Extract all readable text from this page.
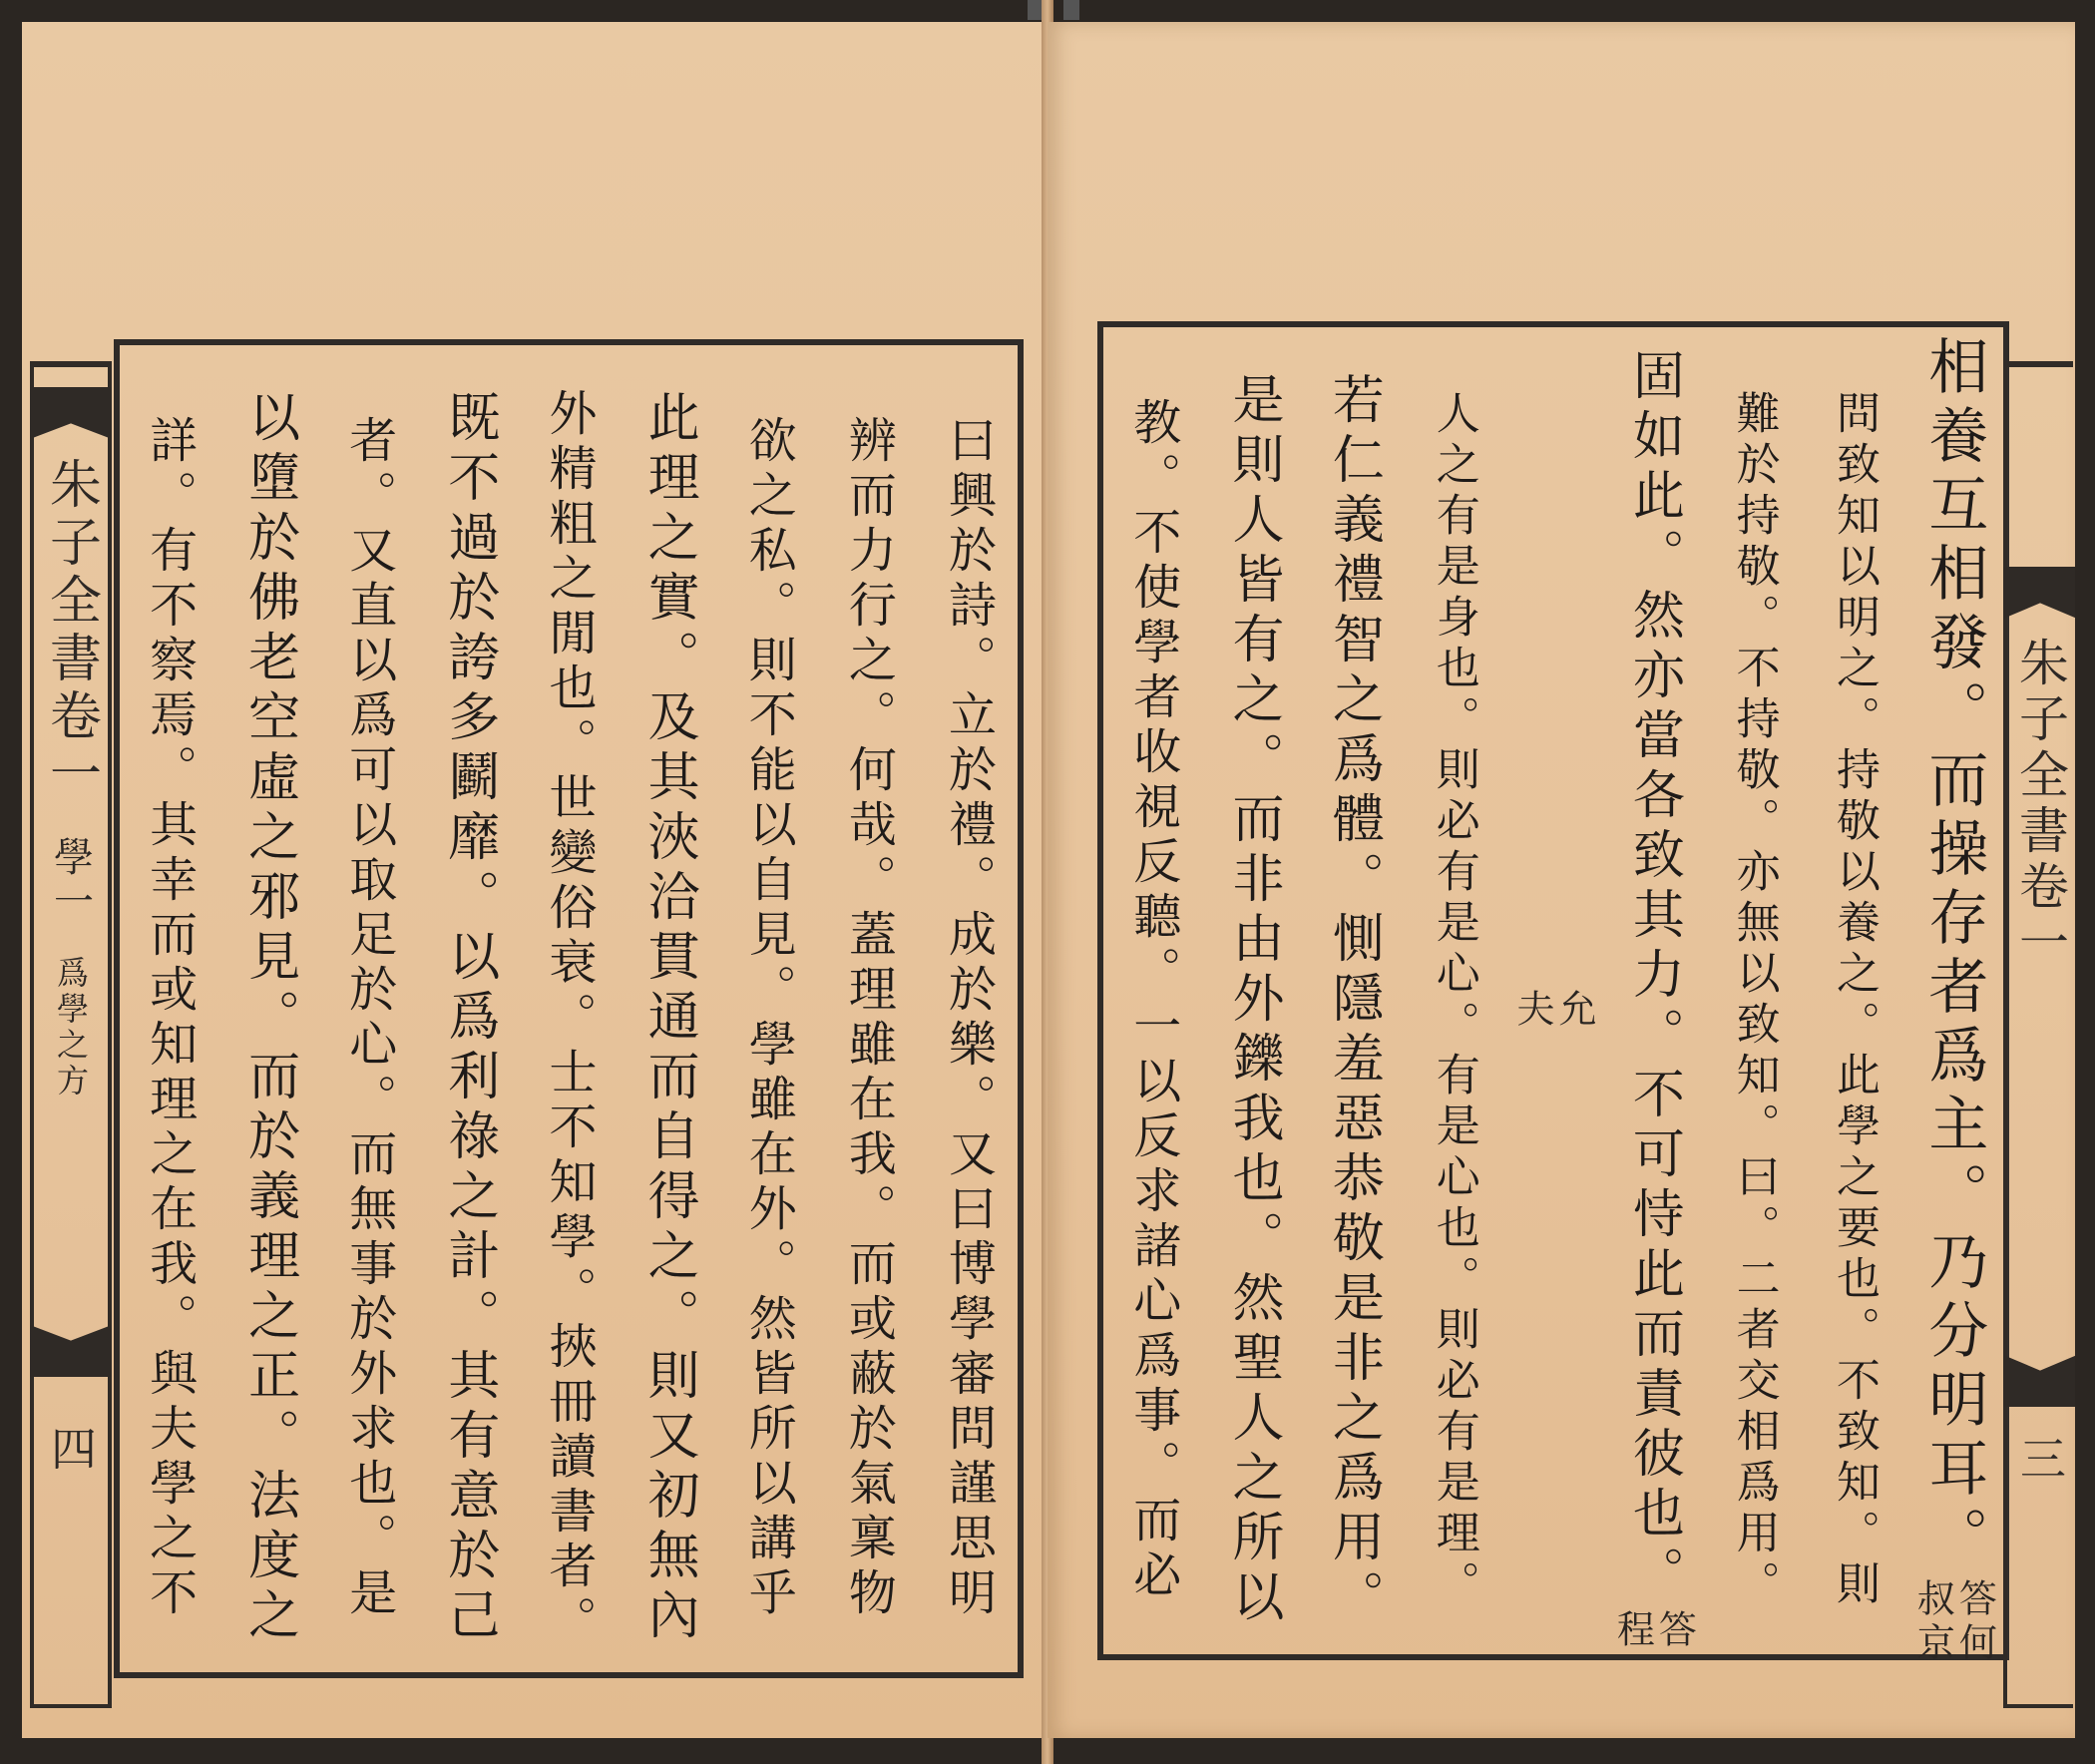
朱子全書卷一
學一
爲學之方
四	曰興於詩。立於禮。成於樂。又曰博學審問謹思明
辨而力行之。何哉。蓋理雖在我。而或蔽於氣稟物
欲之私。則不能以自見。學雖在外。然皆所以講乎
此理之實。及其浹洽貫通而自得之。則又初無內
外精粗之閒也。世變俗衰。士不知學。挾冊讀書者。
既不過於誇多鬬靡。以爲利祿之計。其有意於己
者。又直以爲可以取足於心。而無事於外求也。是
以墮於佛老空虛之邪見。而於義理之正。法度之
詳。有不察焉。其幸而或知理之在我。與夫學之不	相養互相發。而操存者爲主。乃分明耳。
答何
叔京
問致知以明之。持敬以養之。此學之要也。不致知。則
難於持敬。不持敬。亦無以致知。曰。二者交相爲用。
固如此。然亦當各致其力。不可恃此而責彼也。
答
程
允
夫
人之有是身也。則必有是心。有是心也。則必有是理。
若仁義禮智之爲體。惻隱羞惡恭敬是非之爲用。
是則人皆有之。而非由外鑠我也。然聖人之所以
教。不使學者收視反聽。一以反求諸心爲事。而必	朱子全書卷一
三
